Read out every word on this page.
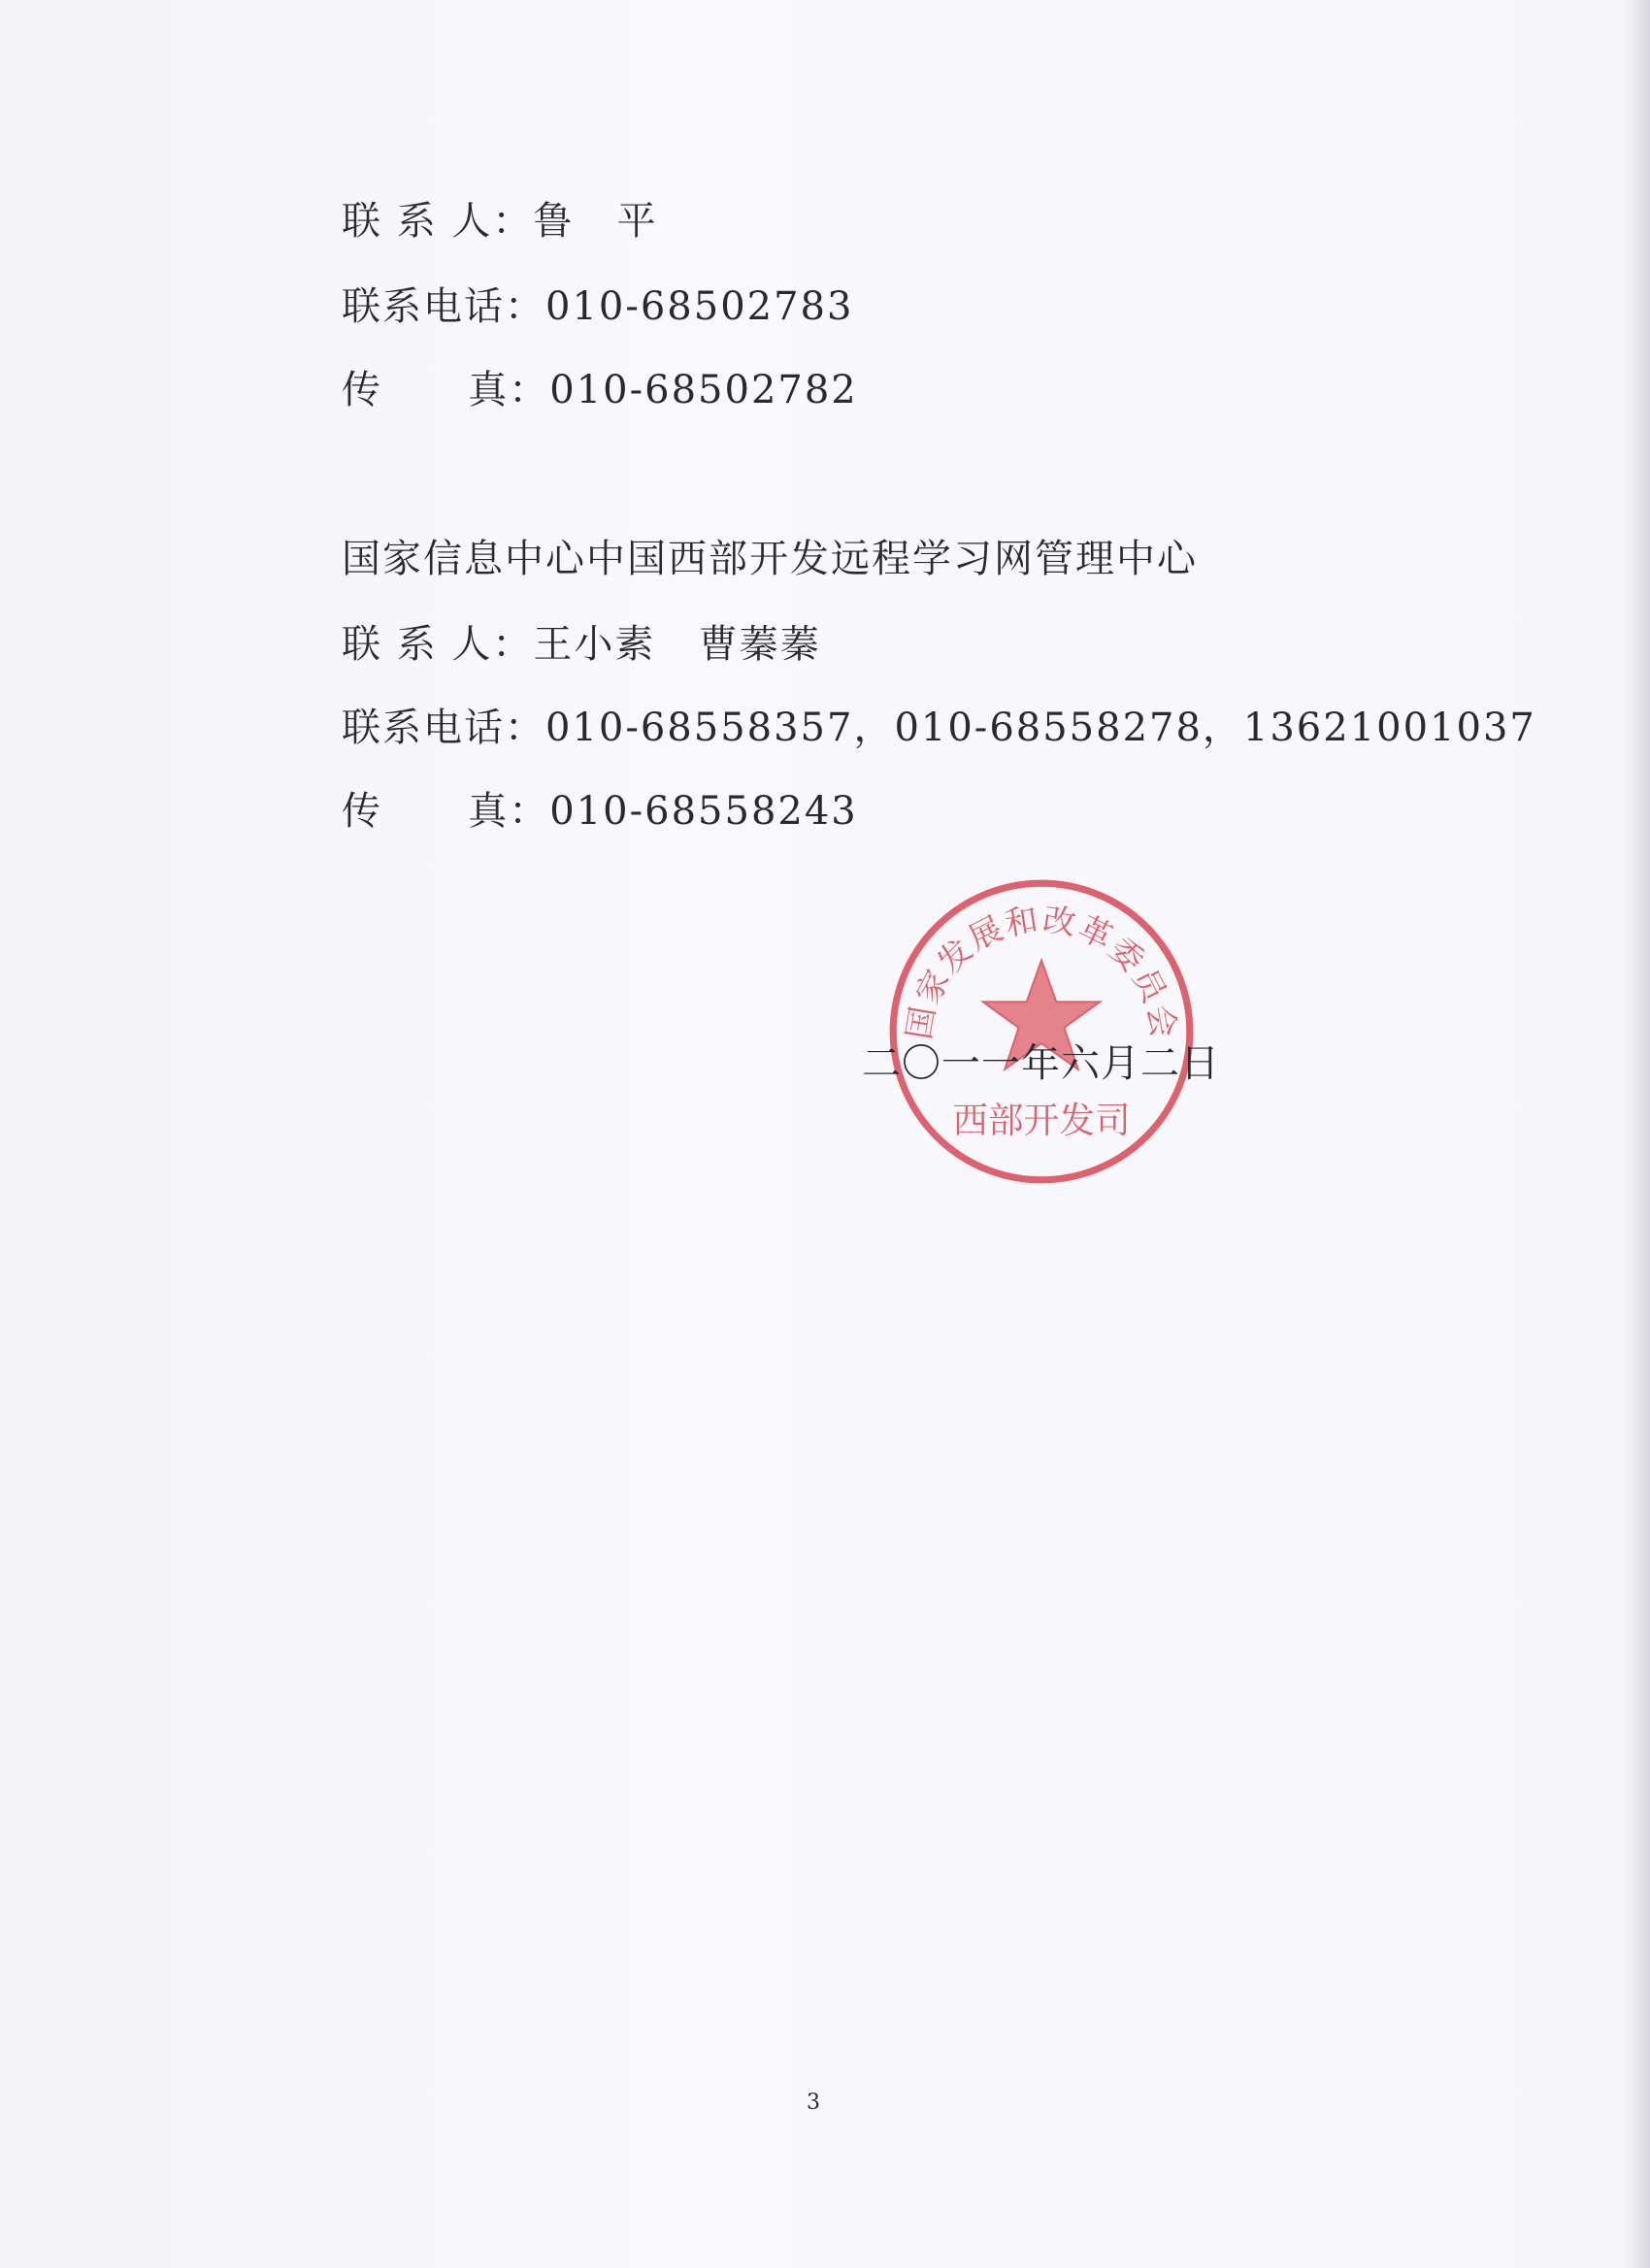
联 系 人：鲁   平
联系电话：010-68502783
传      真：010-68502782
国家信息中心中国西部开发远程学习网管理中心
联 系 人：王小素   曹蓁蓁
联系电话：010-68558357，010-68558278，13621001037
传      真：010-68558243
国家发展和改革委员会
西部开发司
二〇一一年六月二日
3
